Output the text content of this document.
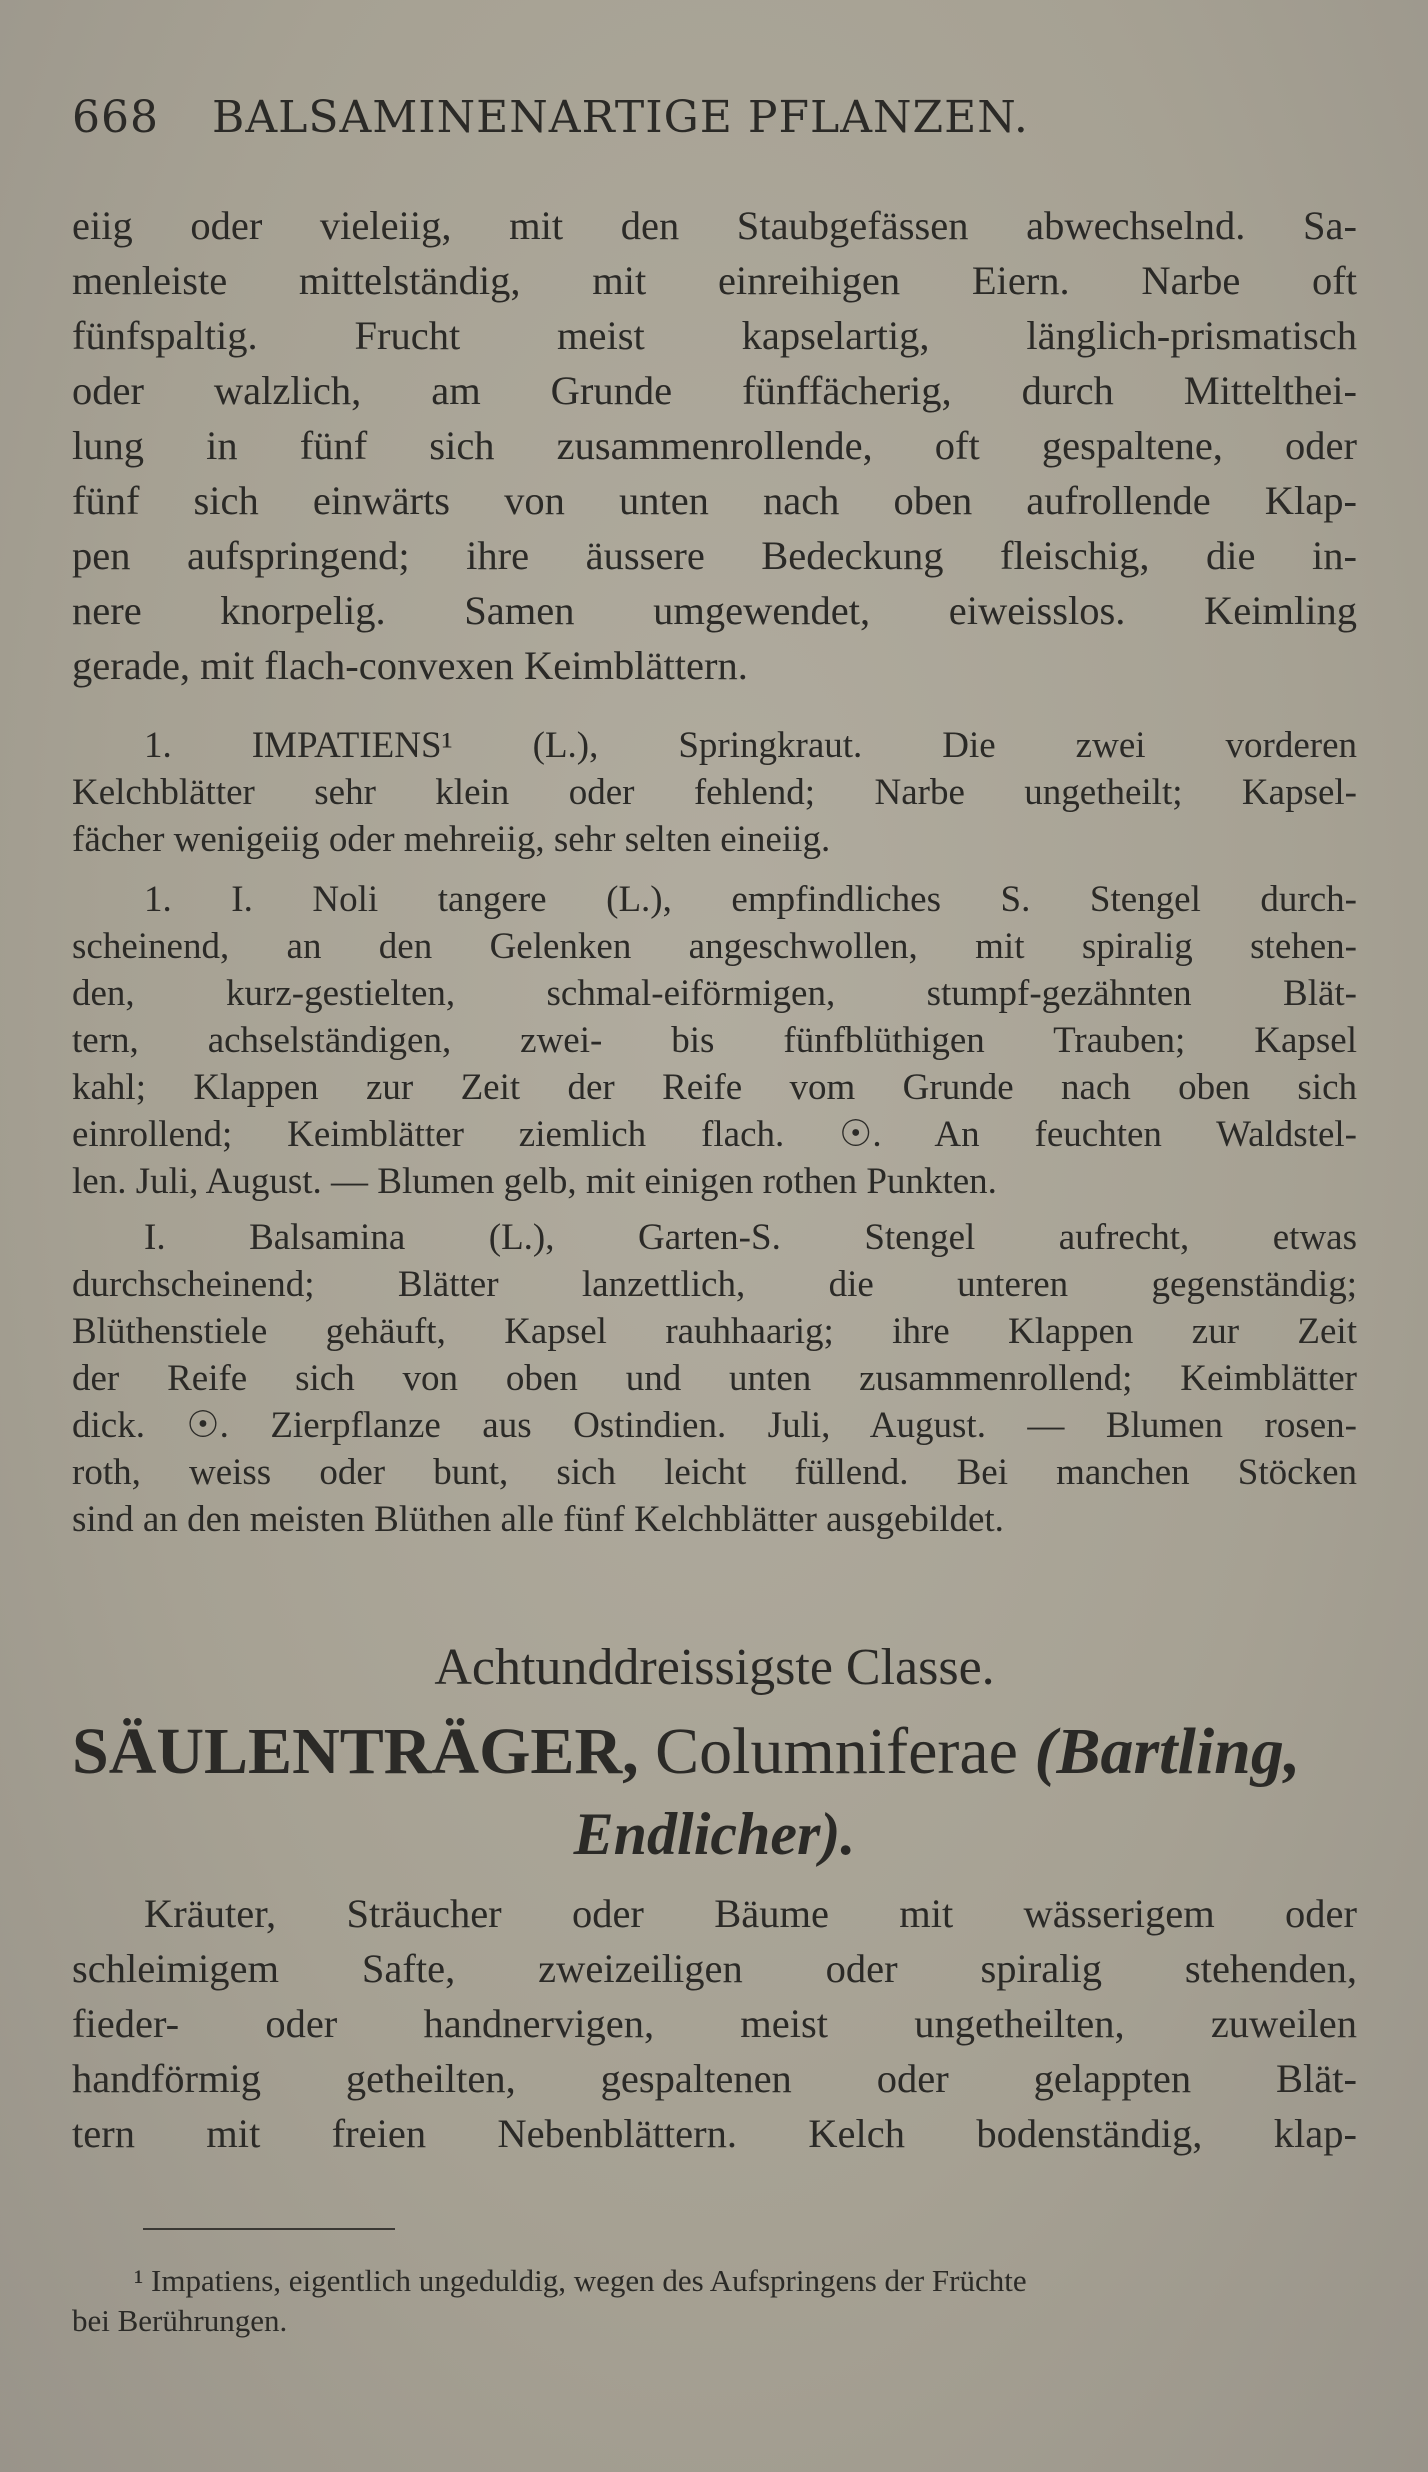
668 BALSAMINENARTIGE PFLANZEN.
eiig oder vieleiig, mit den Staubgefässen abwechselnd. Sa-
menleiste mittelständig, mit einreihigen Eiern. Narbe oft
fünfspaltig. Frucht meist kapselartig, länglich-prismatisch
oder walzlich, am Grunde fünffächerig, durch Mittelthei-
lung in fünf sich zusammenrollende, oft gespaltene, oder
fünf sich einwärts von unten nach oben aufrollende Klap-
pen aufspringend; ihre äussere Bedeckung fleischig, die in-
nere knorpelig. Samen umgewendet, eiweisslos. Keimling
gerade, mit flach-convexen Keimblättern.
1. IMPATIENS¹ (L.), Springkraut. Die zwei vorderen
Kelchblätter sehr klein oder fehlend; Narbe ungetheilt; Kapsel-
fächer wenigeiig oder mehreiig, sehr selten eineiig.
1. I. Noli tangere (L.), empfindliches S. Stengel durch-
scheinend, an den Gelenken angeschwollen, mit spiralig stehen-
den, kurz-gestielten, schmal-eiförmigen, stumpf-gezähnten Blät-
tern, achselständigen, zwei- bis fünfblüthigen Trauben; Kapsel
kahl; Klappen zur Zeit der Reife vom Grunde nach oben sich
einrollend; Keimblätter ziemlich flach. ☉. An feuchten Waldstel-
len. Juli, August. — Blumen gelb, mit einigen rothen Punkten.
I. Balsamina (L.), Garten-S. Stengel aufrecht, etwas
durchscheinend; Blätter lanzettlich, die unteren gegenständig;
Blüthenstiele gehäuft, Kapsel rauhhaarig; ihre Klappen zur Zeit
der Reife sich von oben und unten zusammenrollend; Keimblätter
dick. ☉. Zierpflanze aus Ostindien. Juli, August. — Blumen rosen-
roth, weiss oder bunt, sich leicht füllend. Bei manchen Stöcken
sind an den meisten Blüthen alle fünf Kelchblätter ausgebildet.
Achtunddreissigste Classe.
SÄULENTRÄGER, Columniferae (Bartling,
Endlicher).
Kräuter, Sträucher oder Bäume mit wässerigem oder
schleimigem Safte, zweizeiligen oder spiralig stehenden,
fieder- oder handnervigen, meist ungetheilten, zuweilen
handförmig getheilten, gespaltenen oder gelappten Blät-
tern mit freien Nebenblättern. Kelch bodenständig, klap-
¹ Impatiens, eigentlich ungeduldig, wegen des Aufspringens der Früchte
bei Berührungen.
